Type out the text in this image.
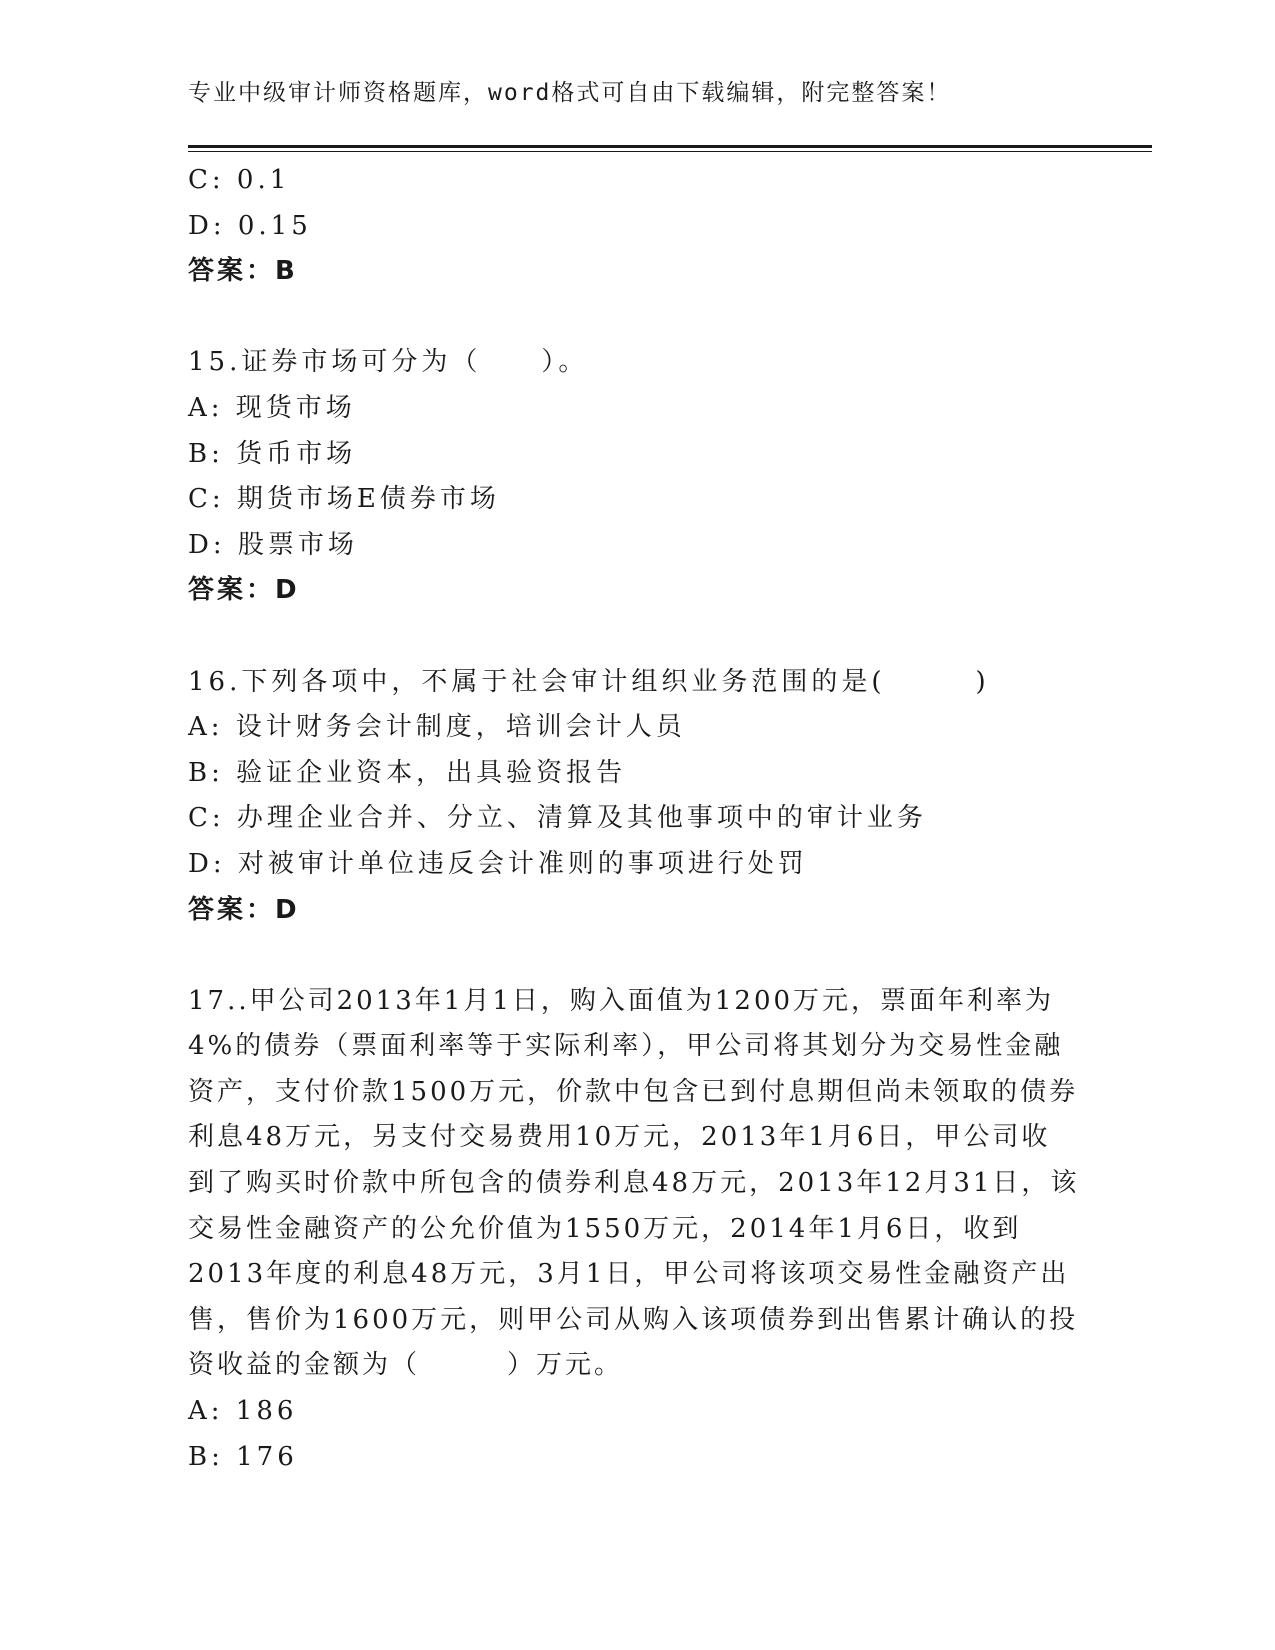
专业中级审计师资格题库，word格式可自由下载编辑，附完整答案！
C: 0.1
D: 0.15
答案：B
15.证券市场可分为（　　）。
A: 现货市场
B: 货币市场
C: 期货市场E债券市场
D: 股票市场
答案：D
16.下列各项中，不属于社会审计组织业务范围的是(　　　)
A: 设计财务会计制度，培训会计人员
B: 验证企业资本，出具验资报告
C: 办理企业合并、分立、清算及其他事项中的审计业务
D: 对被审计单位违反会计准则的事项进行处罚
答案：D
17..甲公司2013年1月1日，购入面值为1200万元，票面年利率为
4%的债券（票面利率等于实际利率），甲公司将其划分为交易性金融
资产，支付价款1500万元，价款中包含已到付息期但尚未领取的债券
利息48万元，另支付交易费用10万元，2013年1月6日，甲公司收
到了购买时价款中所包含的债券利息48万元，2013年12月31日，该
交易性金融资产的公允价值为1550万元，2014年1月6日，收到
2013年度的利息48万元，3月1日，甲公司将该项交易性金融资产出
售，售价为1600万元，则甲公司从购入该项债券到出售累计确认的投
资收益的金额为（　　　）万元。
A: 186
B: 176
